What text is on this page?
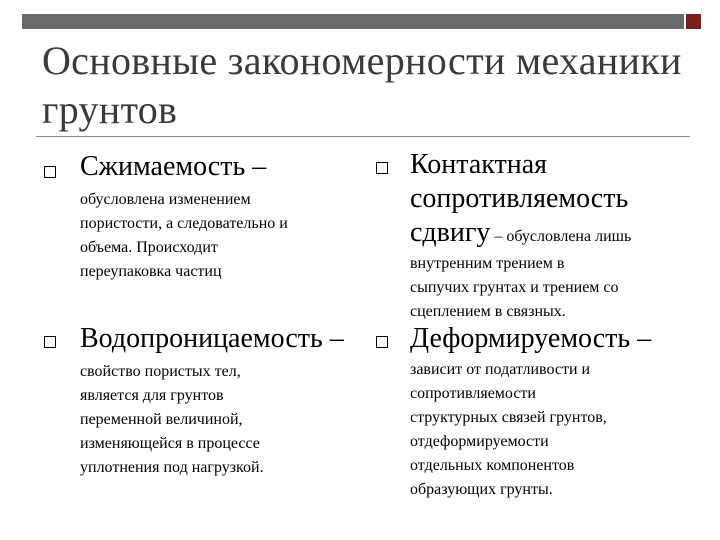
Основные закономерности механики грунтов
Сжимаемость –
обусловлена изменением
пористости, а следовательно и
объема. Происходит
переупаковка частиц
Контактная
сопротивляемость
сдвигу – обусловлена лишь
внутренним трением в
сыпучих грунтах и трением со
сцеплением в связных.
Водопроницаемость –
свойство пористых тел,
является для грунтов
переменной величиной,
изменяющейся в процессе
уплотнения под нагрузкой.
Деформируемость –
зависит от податливости и
сопротивляемости
структурных связей грунтов,
отдеформируемости
отдельных компонентов
образующих грунты.
